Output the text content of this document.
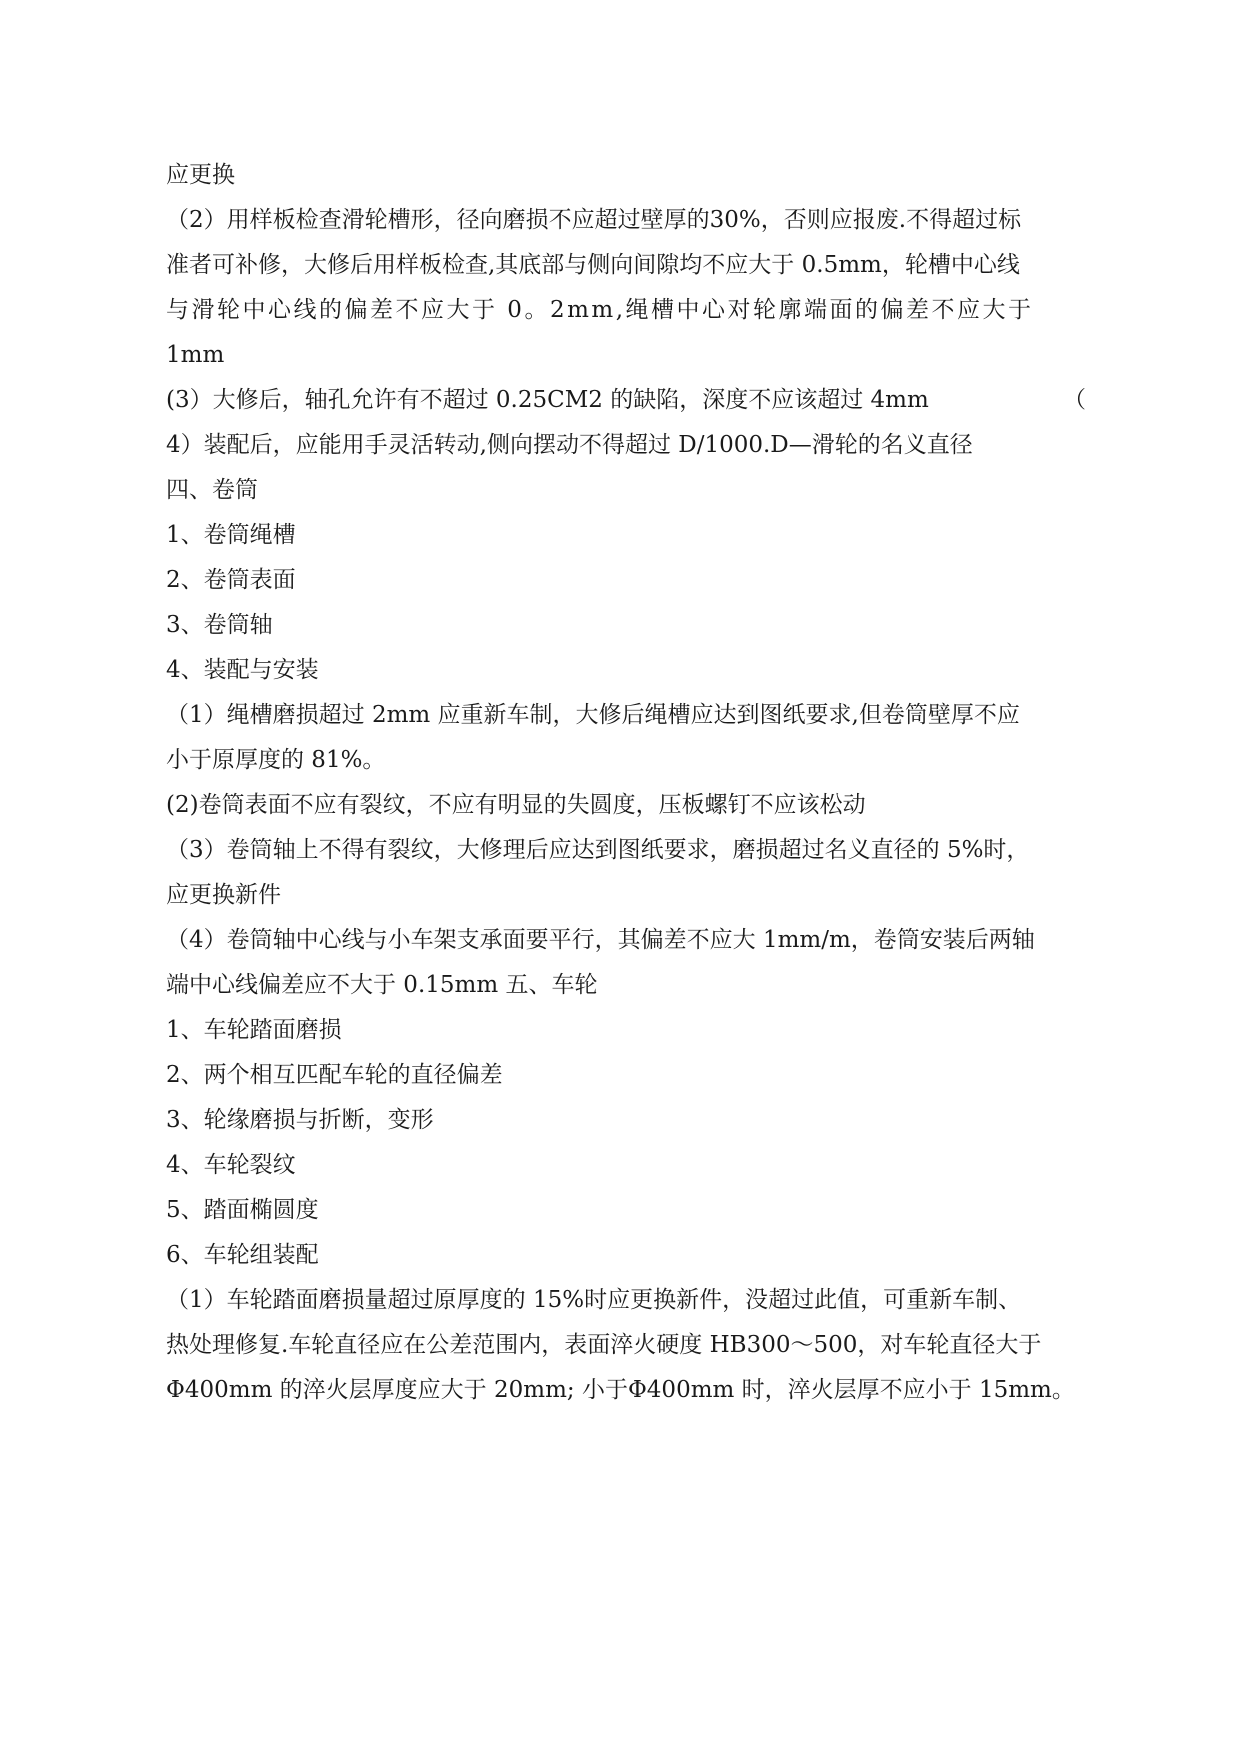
应更换
（2）用样板检查滑轮槽形，径向磨损不应超过壁厚的30%，否则应报废.不得超过标
准者可补修，大修后用样板检查,其底部与侧向间隙均不应大于 0.5mm，轮槽中心线
与滑轮中心线的偏差不应大于 0。2mm,绳槽中心对轮廓端面的偏差不应大于
1mm
(3）大修后，轴孔允许有不超过 0.25CM2 的缺陷，深度不应该超过 4mm	（
4）装配后，应能用手灵活转动,侧向摆动不得超过 D/1000.D—滑轮的名义直径
四、卷筒
1、卷筒绳槽
2、卷筒表面
3、卷筒轴
4、装配与安装
（1）绳槽磨损超过 2mm 应重新车制，大修后绳槽应达到图纸要求,但卷筒壁厚不应
小于原厚度的 81%。
(2)卷筒表面不应有裂纹，不应有明显的失圆度，压板螺钉不应该松动
（3）卷筒轴上不得有裂纹，大修理后应达到图纸要求，磨损超过名义直径的 5%时，
应更换新件
（4）卷筒轴中心线与小车架支承面要平行，其偏差不应大 1mm/m，卷筒安装后两轴
端中心线偏差应不大于 0.15mm 五、车轮
1、车轮踏面磨损
2、两个相互匹配车轮的直径偏差
3、轮缘磨损与折断，变形
4、车轮裂纹
5、踏面椭圆度
6、车轮组装配
（1）车轮踏面磨损量超过原厚度的 15%时应更换新件，没超过此值，可重新车制、
热处理修复.车轮直径应在公差范围内，表面淬火硬度 HB300～500，对车轮直径大于
Φ400mm 的淬火层厚度应大于 20mm; 小于Φ400mm 时，淬火层厚不应小于 15mm。
